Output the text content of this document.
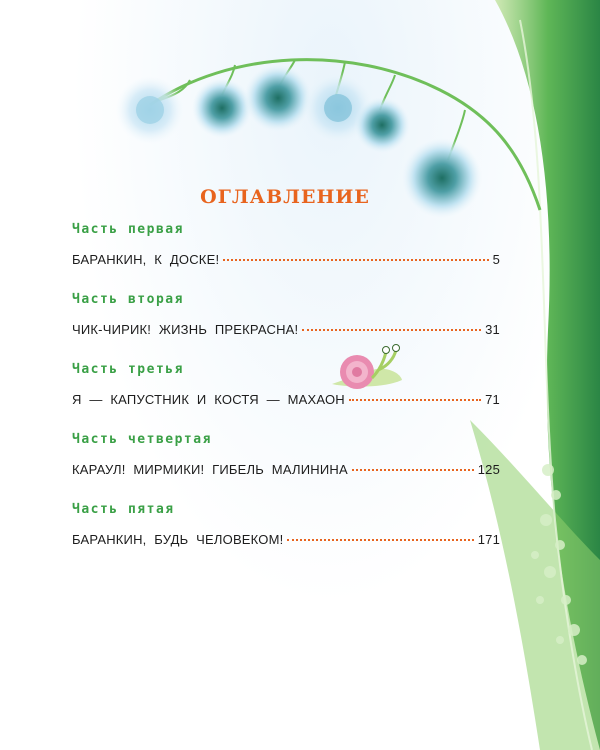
ОГЛАВЛЕНИЕ
Часть первая
БАРАНКИН, К ДОСКЕ!	5
Часть вторая
ЧИК-ЧИРИК! ЖИЗНЬ ПРЕКРАСНА!	31
Часть третья
Я — КАПУСТНИК И КОСТЯ — МАХАОН	71
Часть четвертая
КАРАУЛ! МИРМИКИ! ГИБЕЛЬ МАЛИНИНА	125
Часть пятая
БАРАНКИН, БУДЬ ЧЕЛОВЕКОМ!	171
